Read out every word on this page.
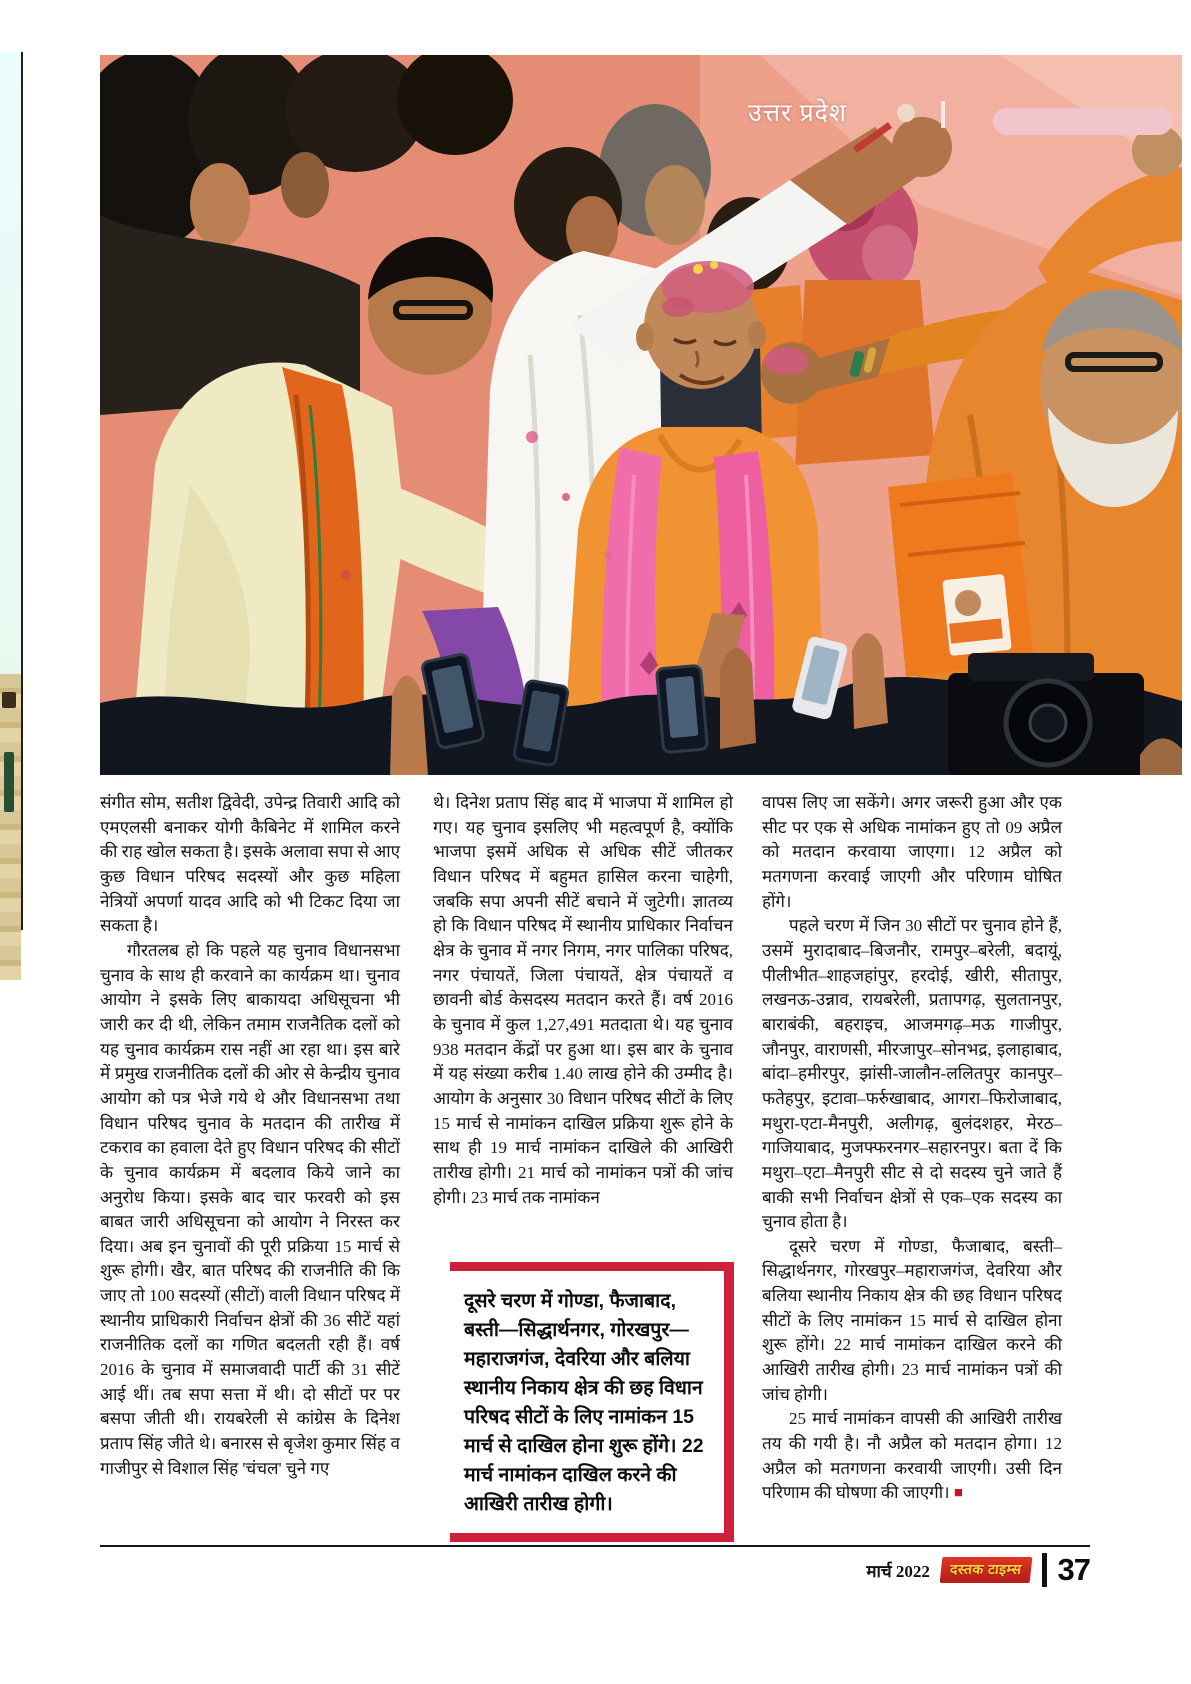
उत्तर प्रदेश

संगीत सोम, सतीश द्विवेदी, उपेन्द्र तिवारी आदि को एमएलसी बनाकर योगी कैबिनेट में शामिल करने की राह खोल सकता है। इसके अलावा सपा से आए कुछ विधान परिषद सदस्यों और कुछ महिला नेत्रियों अपर्णा यादव आदि को भी टिकट दिया जा सकता है।

गौरतलब हो कि पहले यह चुनाव विधानसभा चुनाव के साथ ही करवाने का कार्यक्रम था। चुनाव आयोग ने इसके लिए बाकायदा अधिसूचना भी जारी कर दी थी, लेकिन तमाम राजनैतिक दलों को यह चुनाव कार्यक्रम रास नहीं आ रहा था। इस बारे में प्रमुख राजनीतिक दलों की ओर से केन्द्रीय चुनाव आयोग को पत्र भेजे गये थे और विधानसभा तथा विधान परिषद चुनाव के मतदान की तारीख में टकराव का हवाला देते हुए विधान परिषद की सीटों के चुनाव कार्यक्रम में बदलाव किये जाने का अनुरोध किया। इसके बाद चार फरवरी को इस बाबत जारी अधिसूचना को आयोग ने निरस्त कर दिया। अब इन चुनावों की पूरी प्रक्रिया 15 मार्च से शुरू होगी। खैर, बात परिषद की राजनीति की कि जाए तो 100 सदस्यों (सीटों) वाली विधान परिषद में स्थानीय प्राधिकारी निर्वाचन क्षेत्रों की 36 सीटें यहां राजनीतिक दलों का गणित बदलती रही हैं। वर्ष 2016 के चुनाव में समाजवादी पार्टी की 31 सीटें आई थीं। तब सपा सत्ता में थी। दो सीटों पर पर बसपा जीती थी। रायबरेली से कांग्रेस के दिनेश प्रताप सिंह जीते थे। बनारस से बृजेश कुमार सिंह व गाजीपुर से विशाल सिंह 'चंचल' चुने गए

थे। दिनेश प्रताप सिंह बाद में भाजपा में शामिल हो गए। यह चुनाव इसलिए भी महत्वपूर्ण है, क्योंकि भाजपा इसमें अधिक से अधिक सीटें जीतकर विधान परिषद में बहुमत हासिल करना चाहेगी, जबकि सपा अपनी सीटें बचाने में जुटेगी। ज्ञातव्य हो कि विधान परिषद में स्थानीय प्राधिकार निर्वाचन क्षेत्र के चुनाव में नगर निगम, नगर पालिका परिषद, नगर पंचायतें, जिला पंचायतें, क्षेत्र पंचायतें व छावनी बोर्ड केसदस्य मतदान करते हैं। वर्ष 2016 के चुनाव में कुल 1,27,491 मतदाता थे। यह चुनाव 938 मतदान केंद्रों पर हुआ था। इस बार के चुनाव में यह संख्या करीब 1.40 लाख होने की उम्मीद है। आयोग के अनुसार 30 विधान परिषद सीटों के लिए 15 मार्च से नामांकन दाखिल प्रक्रिया शुरू होने के साथ ही 19 मार्च नामांकन दाखिले की आखिरी तारीख होगी। 21 मार्च को नामांकन पत्रों की जांच होगी। 23 मार्च तक नामांकन

वापस लिए जा सकेंगे। अगर जरूरी हुआ और एक सीट पर एक से अधिक नामांकन हुए तो 09 अप्रैल को मतदान करवाया जाएगा। 12 अप्रैल को मतगणना करवाई जाएगी और परिणाम घोषित होंगे।

पहले चरण में जिन 30 सीटों पर चुनाव होने हैं, उसमें मुरादाबाद–बिजनौर, रामपुर–बरेली, बदायूं, पीलीभीत–शाहजहांपुर, हरदोई, खीरी, सीतापुर, लखनऊ-उन्नाव, रायबरेली, प्रतापगढ़, सुलतानपुर, बाराबंकी, बहराइच, आजमगढ़–मऊ गाजीपुर, जौनपुर, वाराणसी, मीरजापुर–सोनभद्र, इलाहाबाद, बांदा–हमीरपुर, झांसी-जालौन-ललितपुर कानपुर–फतेहपुर, इटावा–फर्रुखाबाद, आगरा–फिरोजाबाद, मथुरा-एटा-मैनपुरी, अलीगढ़, बुलंदशहर, मेरठ–गाजियाबाद, मुजफ्फरनगर–सहारनपुर। बता दें कि मथुरा–एटा–मैनपुरी सीट से दो सदस्य चुने जाते हैं बाकी सभी निर्वाचन क्षेत्रों से एक–एक सदस्य का चुनाव होता है।

दूसरे चरण में गोण्डा, फैजाबाद, बस्ती–सिद्धार्थनगर, गोरखपुर–महाराजगंज, देवरिया और बलिया स्थानीय निकाय क्षेत्र की छह विधान परिषद सीटों के लिए नामांकन 15 मार्च से दाखिल होना शुरू होंगे। 22 मार्च नामांकन दाखिल करने की आखिरी तारीख होगी। 23 मार्च नामांकन पत्रों की जांच होगी।

25 मार्च नामांकन वापसी की आखिरी तारीख तय की गयी है। नौ अप्रैल को मतदान होगा। 12 अप्रैल को मतगणना करवायी जाएगी। उसी दिन परिणाम की घोषणा की जाएगी। ■

दूसरे चरण में गोण्डा, फैजाबाद, बस्ती—सिद्धार्थनगर, गोरखपुर—महाराजगंज, देवरिया और बलिया स्थानीय निकाय क्षेत्र की छह विधान परिषद सीटों के लिए नामांकन 15 मार्च से दाखिल होना शुरू होंगे। 22 मार्च नामांकन दाखिल करने की आखिरी तारीख होगी।

मार्च 2022	दस्तक टाइम्स	37
